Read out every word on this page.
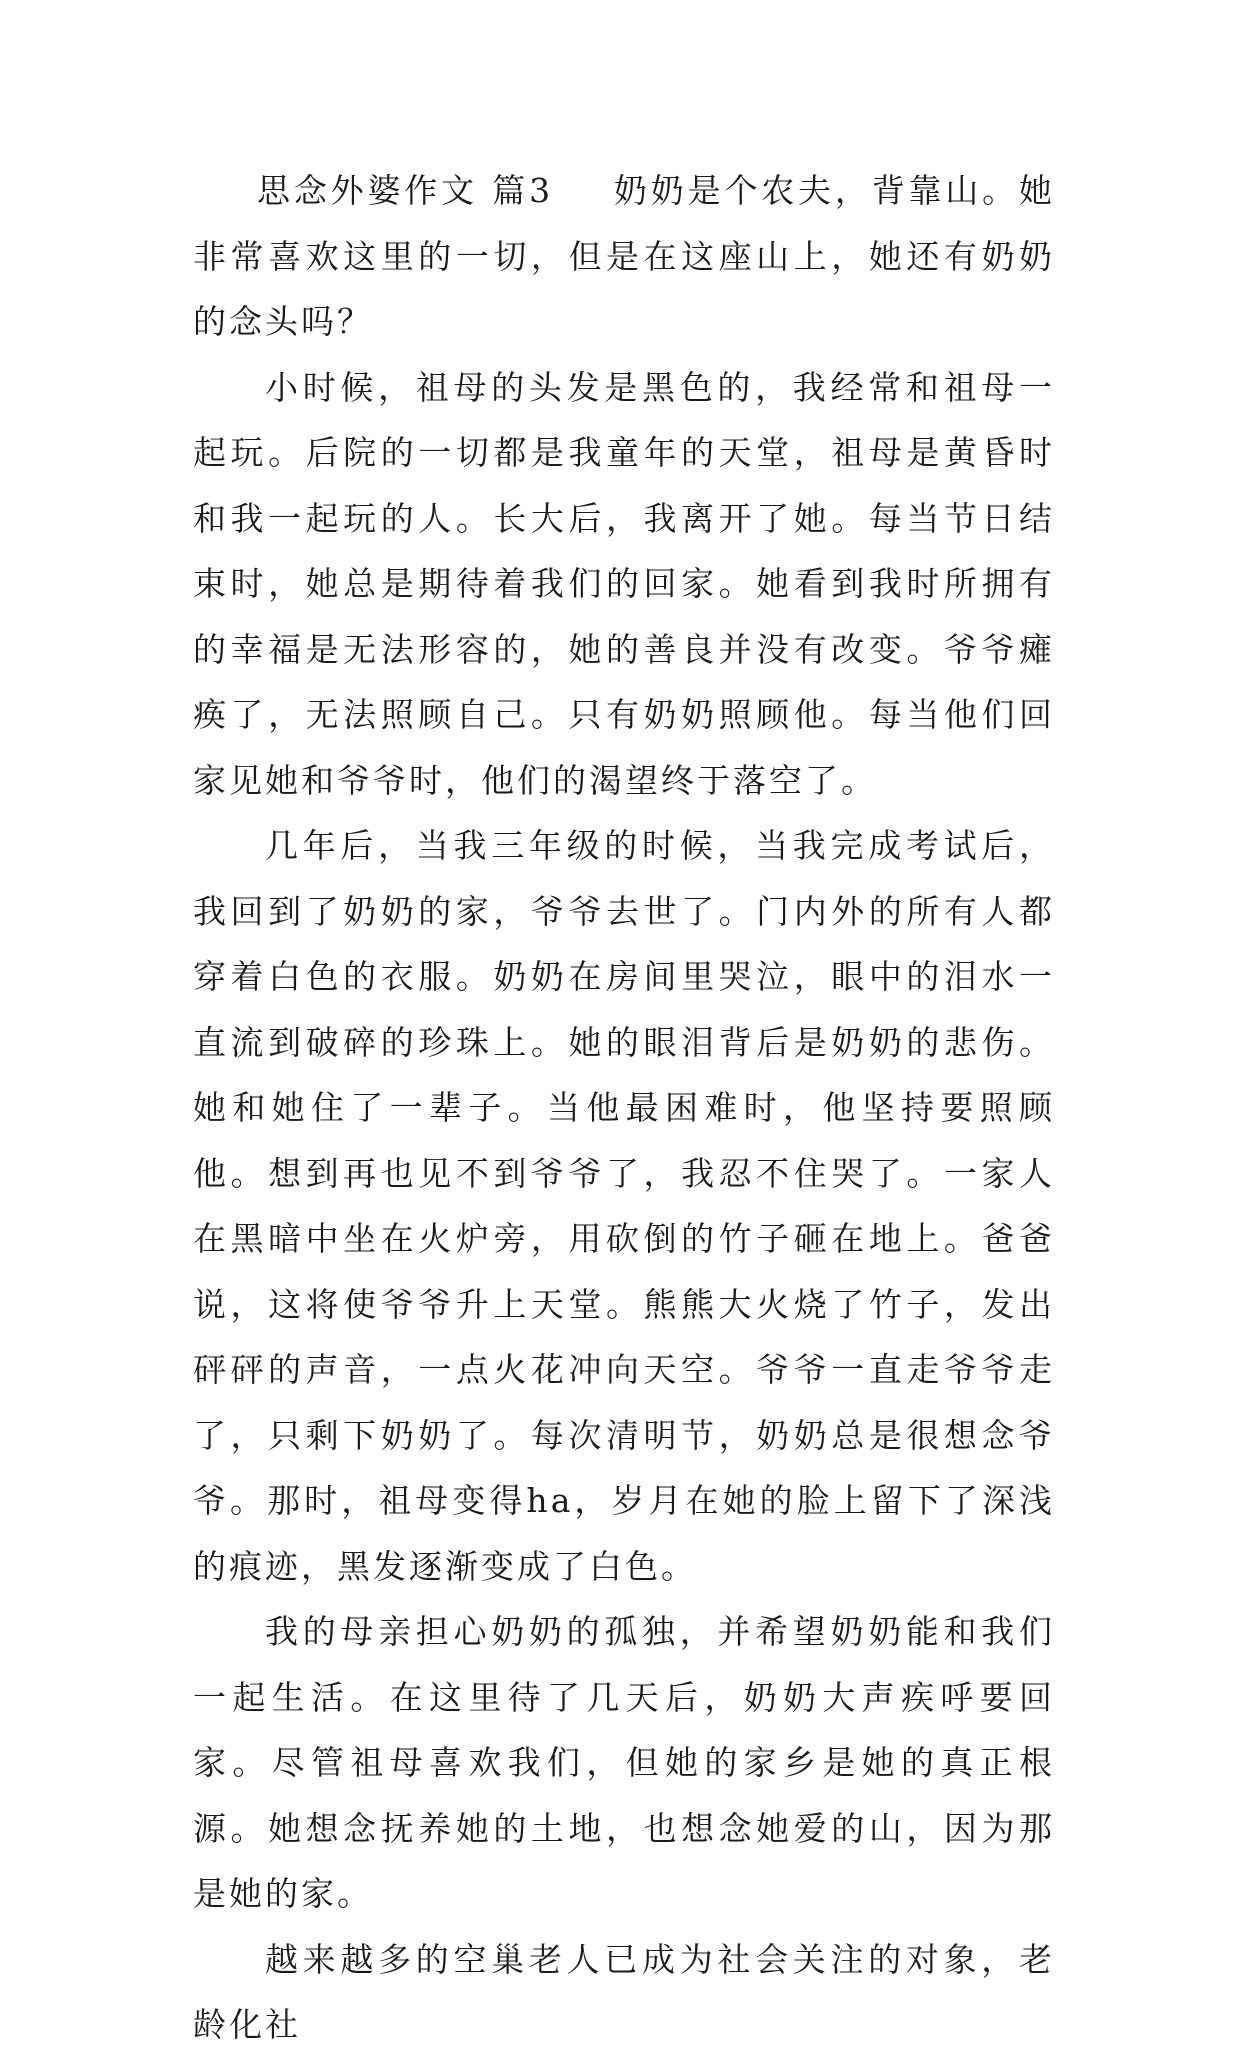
思念外婆作文 篇3 奶奶是个农夫，背靠山。她非常喜欢这里的一切，但是在这座山上，她还有奶奶的念头吗？

小时候，祖母的头发是黑色的，我经常和祖母一起玩。后院的一切都是我童年的天堂，祖母是黄昏时和我一起玩的人。长大后，我离开了她。每当节日结束时，她总是期待着我们的回家。她看到我时所拥有的幸福是无法形容的，她的善良并没有改变。爷爷瘫痪了，无法照顾自己。只有奶奶照顾他。每当他们回家见她和爷爷时，他们的渴望终于落空了。

几年后，当我三年级的时候，当我完成考试后，我回到了奶奶的家，爷爷去世了。门内外的所有人都穿着白色的衣服。奶奶在房间里哭泣，眼中的泪水一直流到破碎的珍珠上。她的眼泪背后是奶奶的悲伤。她和她住了一辈子。当他最困难时，他坚持要照顾他。想到再也见不到爷爷了，我忍不住哭了。一家人在黑暗中坐在火炉旁，用砍倒的竹子砸在地上。爸爸说，这将使爷爷升上天堂。熊熊大火烧了竹子，发出砰砰的声音，一点火花冲向天空。爷爷一直走爷爷走了，只剩下奶奶了。每次清明节，奶奶总是很想念爷爷。那时，祖母变得ha，岁月在她的脸上留下了深浅的痕迹，黑发逐渐变成了白色。

我的母亲担心奶奶的孤独，并希望奶奶能和我们一起生活。在这里待了几天后，奶奶大声疾呼要回家。尽管祖母喜欢我们，但她的家乡是她的真正根源。她想念抚养她的土地，也想念她爱的山，因为那是她的家。

越来越多的空巢老人已成为社会关注的对象，老龄化社
